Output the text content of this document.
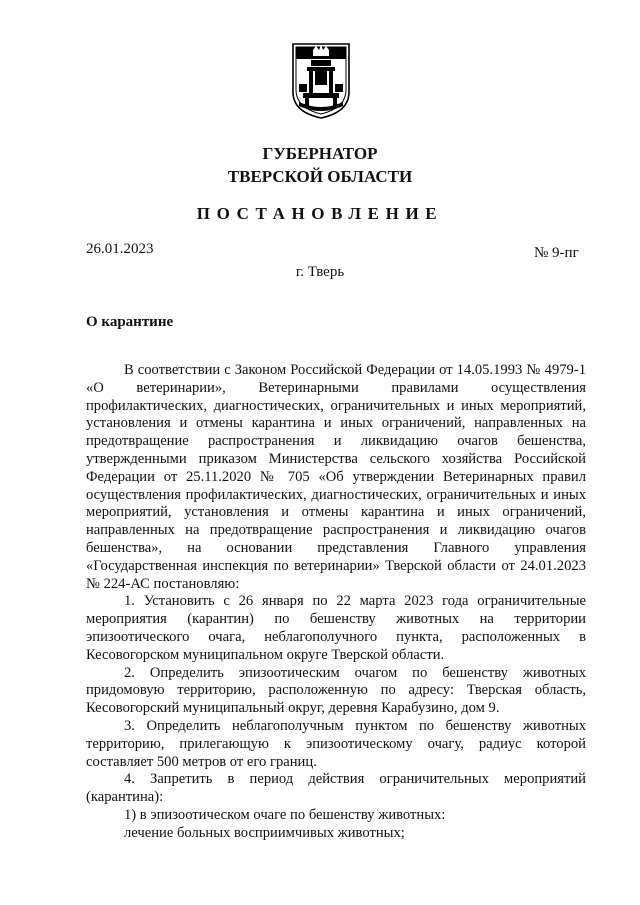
ГУБЕРНАТОР
ТВЕРСКОЙ ОБЛАСТИ
ПОСТАНОВЛЕНИЕ
26.01.2023	№ 9-пг
г. Тверь
О карантине

В соответствии с Законом Российской Федерации от 14.05.1993 № 4979-1 «О ветеринарии», Ветеринарными правилами осуществления профилактических, диагностических, ограничительных и иных мероприятий, установления и отмены карантина и иных ограничений, направленных на предотвращение распространения и ликвидацию очагов бешенства, утвержденными приказом Министерства сельского хозяйства Российской Федерации от 25.11.2020 № 705 «Об утверждении Ветеринарных правил осуществления профилактических, диагностических, ограничительных и иных мероприятий, установления и отмены карантина и иных ограничений, направленных на предотвращение распространения и ликвидацию очагов бешенства», на основании представления Главного управления «Государственная инспекция по ветеринарии» Тверской области от 24.01.2023 № 224-АС постановляю:

1. Установить с 26 января по 22 марта 2023 года ограничительные мероприятия (карантин) по бешенству животных на территории эпизоотического очага, неблагополучного пункта, расположенных в Кесовогорском муниципальном округе Тверской области.

2. Определить эпизоотическим очагом по бешенству животных придомовую территорию, расположенную по адресу: Тверская область, Кесовогорский муниципальный округ, деревня Карабузино, дом 9.

3. Определить неблагополучным пунктом по бешенству животных территорию, прилегающую к эпизоотическому очагу, радиус которой составляет 500 метров от его границ.

4. Запретить в период действия ограничительных мероприятий (карантина):

1) в эпизоотическом очаге по бешенству животных:

лечение больных восприимчивых животных;
